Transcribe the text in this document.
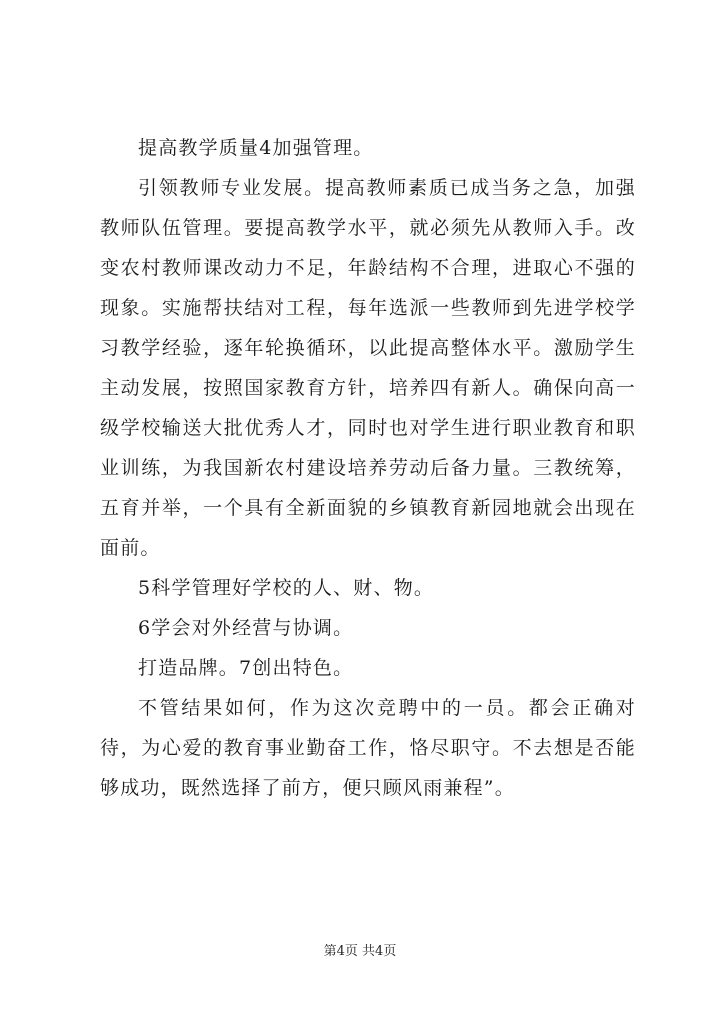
提高教学质量4加强管理。

引领教师专业发展。提高教师素质已成当务之急，加强教师队伍管理。要提高教学水平，就必须先从教师入手。改变农村教师课改动力不足，年龄结构不合理，进取心不强的现象。实施帮扶结对工程，每年选派一些教师到先进学校学习教学经验，逐年轮换循环，以此提高整体水平。激励学生主动发展，按照国家教育方针，培养四有新人。确保向高一级学校输送大批优秀人才，同时也对学生进行职业教育和职业训练，为我国新农村建设培养劳动后备力量。三教统筹，五育并举，一个具有全新面貌的乡镇教育新园地就会出现在面前。

5科学管理好学校的人、财、物。

6学会对外经营与协调。

打造品牌。7创出特色。

不管结果如何，作为这次竞聘中的一员。都会正确对待，为心爱的教育事业勤奋工作，恪尽职守。不去想是否能够成功，既然选择了前方，便只顾风雨兼程”。

第4页 共4页
